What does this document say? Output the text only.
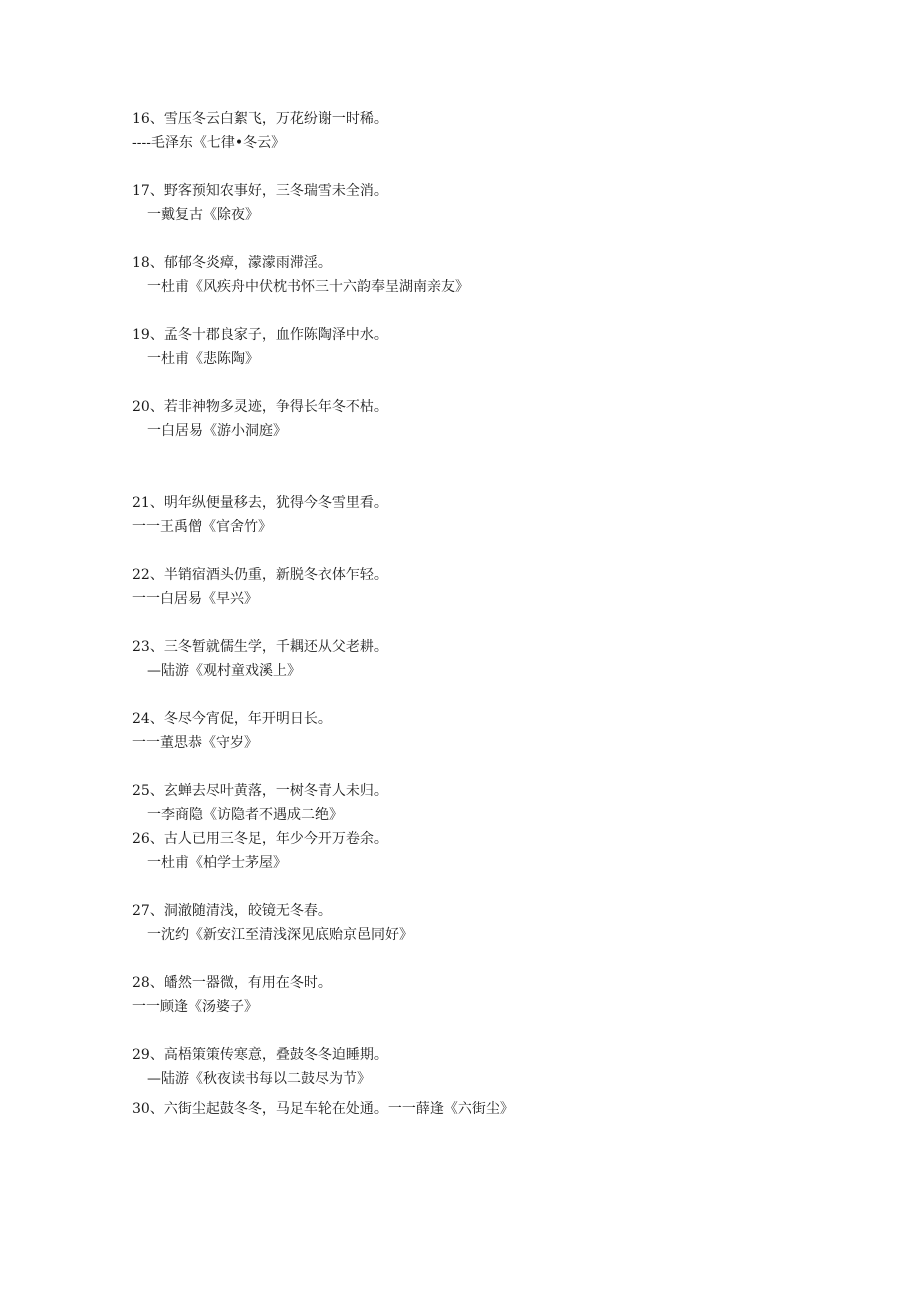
16、雪压冬云白絮飞，万花纷谢一时稀。
----毛泽东《七律•冬云》
17、野客预知农事好，三冬瑞雪未全消。
一戴复古《除夜》
18、郁郁冬炎瘴，濛濛雨滞淫。
一杜甫《风疾舟中伏枕书怀三十六韵奉呈湖南亲友》
19、孟冬十郡良家子，血作陈陶泽中水。
一杜甫《悲陈陶》
20、若非神物多灵迹，争得长年冬不枯。
一白居易《游小洞庭》
21、明年纵便量移去，犹得今冬雪里看。
一一王禹僧《官舍竹》
22、半销宿酒头仍重，新脱冬衣体乍轻。
一一白居易《早兴》
23、三冬暂就儒生学，千耦还从父老耕。
—陆游《观村童戏溪上》
24、冬尽今宵促，年开明日长。
一一董思恭《守岁》
25、玄蝉去尽叶黄落，一树冬青人未归。
一李商隐《访隐者不遇成二绝》
26、古人已用三冬足，年少今开万卷余。
一杜甫《柏学士茅屋》
27、洞澈随清浅，皎镜无冬春。
一沈约《新安江至清浅深见底贻京邑同好》
28、皤然一器微，有用在冬时。
一一顾逢《汤婆子》
29、高梧策策传寒意，叠鼓冬冬迫睡期。
—陆游《秋夜读书每以二鼓尽为节》
30、六街尘起鼓冬冬，马足车轮在处通。一一薛逢《六街尘》
